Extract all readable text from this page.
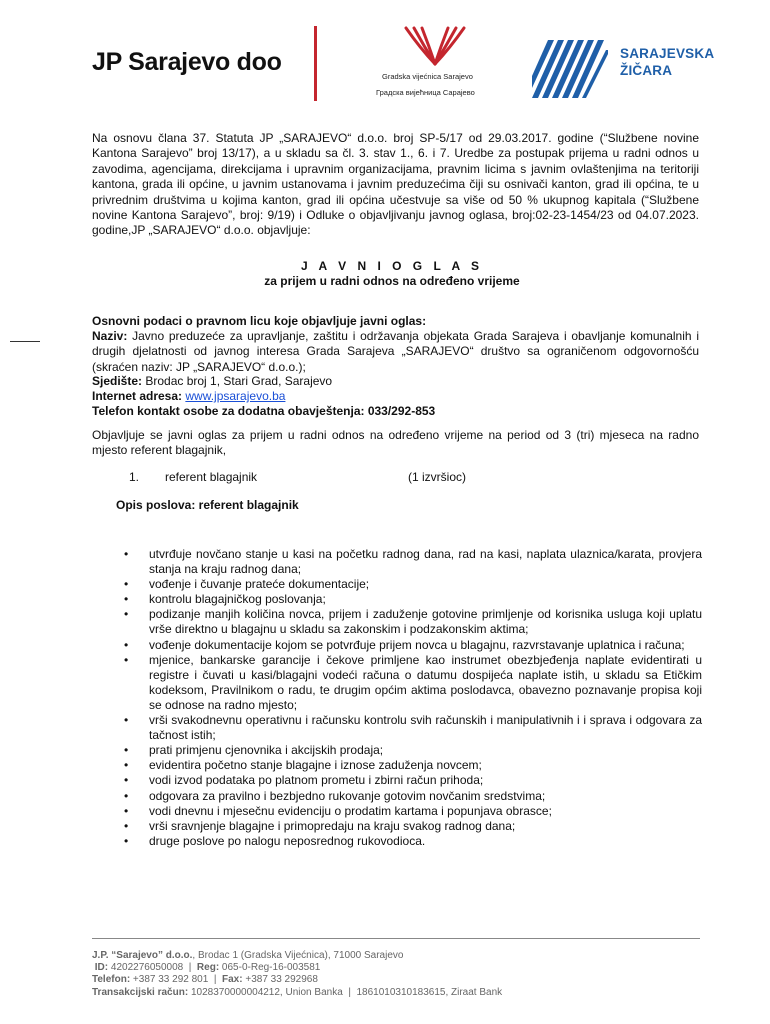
JP Sarajevo doo
Gradska vijećnica Sarajevo
Градска вијећница Сарајево
SARAJEVSKA
ŽIČARA
Na osnovu člana 37. Statuta JP „SARAJEVO“ d.o.o. broj SP-5/17 od 29.03.2017. godine (“Službene novine Kantona Sarajevo” broj 13/17), a u skladu sa čl. 3. stav 1., 6. i 7. Uredbe za postupak prijema u radni odnos u zavodima, agencijama, direkcijama i upravnim organizacijama, pravnim licima s javnim ovlaštenjima na teritoriji kantona, grada ili općine, u javnim ustanovama i javnim preduzećima čiji su osnivači kanton, grad ili općina, te u privrednim društvima u kojima kanton, grad ili općina učestvuje sa više od 50 % ukupnog kapitala (“Službene novine Kantona Sarajevo”, broj: 9/19) i Odluke o objavljivanju javnog oglasa, broj:02-23-1454/23 od 04.07.2023. godine,JP „SARAJEVO“ d.o.o. objavljuje:
J A V N I O G L A S
za prijem u radni odnos na određeno vrijeme
Osnovni podaci o pravnom licu koje objavljuje javni oglas:
Naziv: Javno preduzeće za upravljanje, zaštitu i održavanja objekata Grada Sarajeva i obavljanje komunalnih i drugih djelatnosti od javnog interesa Grada Sarajeva „SARAJEVO“ društvo sa ograničenom odgovornošću (skraćen naziv: JP „SARAJEVO“ d.o.o.);
Sjedište: Brodac broj 1, Stari Grad, Sarajevo
Internet adresa: www.jpsarajevo.ba
Telefon kontakt osobe za dodatna obavještenja: 033/292-853
Objavljuje se javni oglas za prijem u radni odnos na određeno vrijeme na period od 3 (tri) mjeseca na radno mjesto referent blagajnik,
1. referent blagajnik	(1 izvršioc)
Opis poslova: referent blagajnik
• utvrđuje novčano stanje u kasi na početku radnog dana, rad na kasi, naplata ulaznica/karata, provjera stanja na kraju radnog dana;
• vođenje i čuvanje prateće dokumentacije;
• kontrolu blagajničkog poslovanja;
• podizanje manjih količina novca, prijem i zaduženje gotovine primljenje od korisnika usluga koji uplatu vrše direktno u blagajnu u skladu sa zakonskim i podzakonskim aktima;
• vođenje dokumentacije kojom se potvrđuje prijem novca u blagajnu, razvrstavanje uplatnica i računa;
• mjenice, bankarske garancije i čekove primljene kao instrumet obezbjeđenja naplate evidentirati u registre i čuvati u kasi/blagajni vodeći računa o datumu dospijeća naplate istih, u skladu sa Etičkim kodeksom, Pravilnikom o radu, te drugim općim aktima poslodavca, obavezno poznavanje propisa koji se odnose na radno mjesto;
• vrši svakodnevnu operativnu i računsku kontrolu svih računskih i manipulativnih i i sprava i odgovara za tačnost istih;
• prati primjenu cjenovnika i akcijskih prodaja;
• evidentira početno stanje blagajne i iznose zaduženja novcem;
• vodi izvod podataka po platnom prometu i zbirni račun prihoda;
• odgovara za pravilno i bezbjedno rukovanje gotovim novčanim sredstvima;
• vodi dnevnu i mjesečnu evidenciju o prodatim kartama i popunjava obrasce;
• vrši sravnjenje blagajne i primopredaju na kraju svakog radnog dana;
• druge poslove po nalogu neposrednog rukovodioca.
J.P. “Sarajevo” d.o.o., Brodac 1 (Gradska Vijećnica), 71000 Sarajevo
ID: 4202276050008  |  Reg: 065-0-Reg-16-003581
Telefon: +387 33 292 801  |  Fax: +387 33 292968
Transakcijski račun: 1028370000004212, Union Banka  |  1861010310183615, Ziraat Bank
